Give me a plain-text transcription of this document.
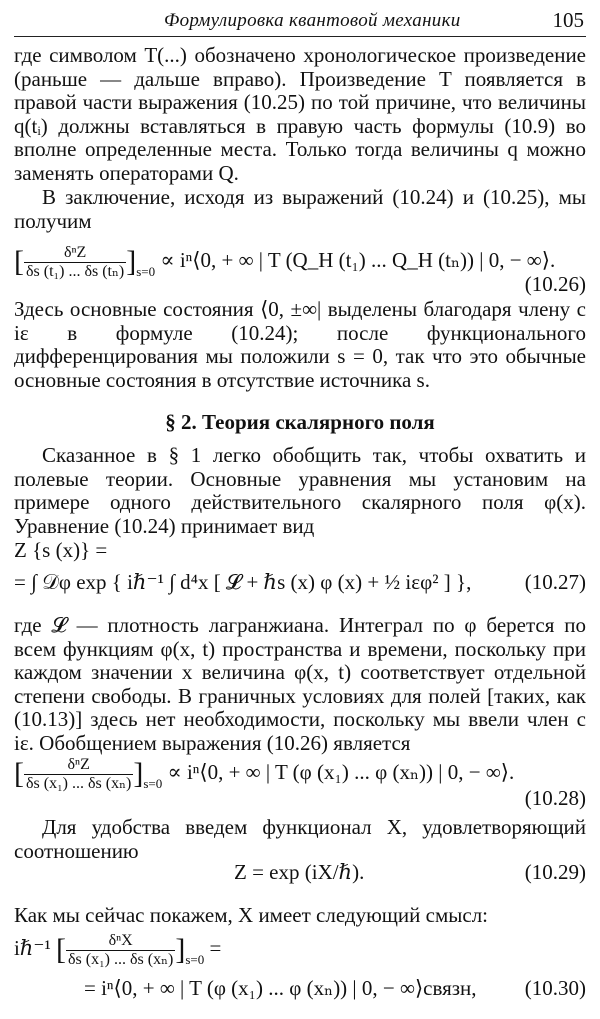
Формулировка квантовой механики	105
где символом T(...) обозначено хронологическое произведение (раньше — дальше вправо). Произведение T появляется в правой части выражения (10.25) по той причине, что величины q(tᵢ) должны вставляться в правую часть формулы (10.9) во вполне определенные места. Только тогда величины q можно заменять операторами Q.
В заключение, исходя из выражений (10.24) и (10.25), мы получим
[ $\frac{\text{δⁿZ}}{\text{δs (t₁) ... δs (tₙ)}} ]_{s=0}$ ∝ iⁿ⟨0, + ∞ | T (Q_H (t₁) ... Q_H (tₙ)) | 0, − ∞⟩.
(10.26)
Здесь основные состояния ⟨0, ±∞| выделены благодаря члену с iε в формуле (10.24); после функционального дифференцирования мы положили s = 0, так что это обычные основные состояния в отсутствие источника s.
§ 2. Теория скалярного поля
Сказанное в § 1 легко обобщить так, чтобы охватить и полевые теории. Основные уравнения мы установим на примере одного действительного скалярного поля φ(x). Уравнение (10.24) принимает вид
Z {s (x)} =
= ∫ 𝒟φ exp { iℏ⁻¹ ∫ d⁴x [ 𝓛 + ℏs (x) φ (x) + ½ iεφ² ] },	(10.27)
где 𝓛 — плотность лагранжиана. Интеграл по φ берется по всем функциям φ(x, t) пространства и времени, поскольку при каждом значении x величина φ(x, t) соответствует отдельной степени свободы. В граничных условиях для полей [таких, как (10.13)] здесь нет необходимости, поскольку мы ввели член с iε. Обобщением выражения (10.26) является
[ $\frac{\text{δⁿZ}}{\text{δs (x₁) ... δs (xₙ)}} ]_{s=0}$ ∝ iⁿ⟨0, + ∞ | T (φ (x₁) ... φ (xₙ)) | 0, − ∞⟩.
(10.28)
Для удобства введем функционал X, удовлетворяющий соотношению
Z = exp (iX/ℏ).	(10.29)
Как мы сейчас покажем, X имеет следующий смысл:
iℏ⁻¹ [ $\frac{\text{δⁿX}}{\text{δs (x₁) ... δs (xₙ)}} ]_{s=0}$ =
= iⁿ⟨0, + ∞ | T (φ (x₁) ... φ (xₙ)) | 0, − ∞⟩связн, (10.30)
